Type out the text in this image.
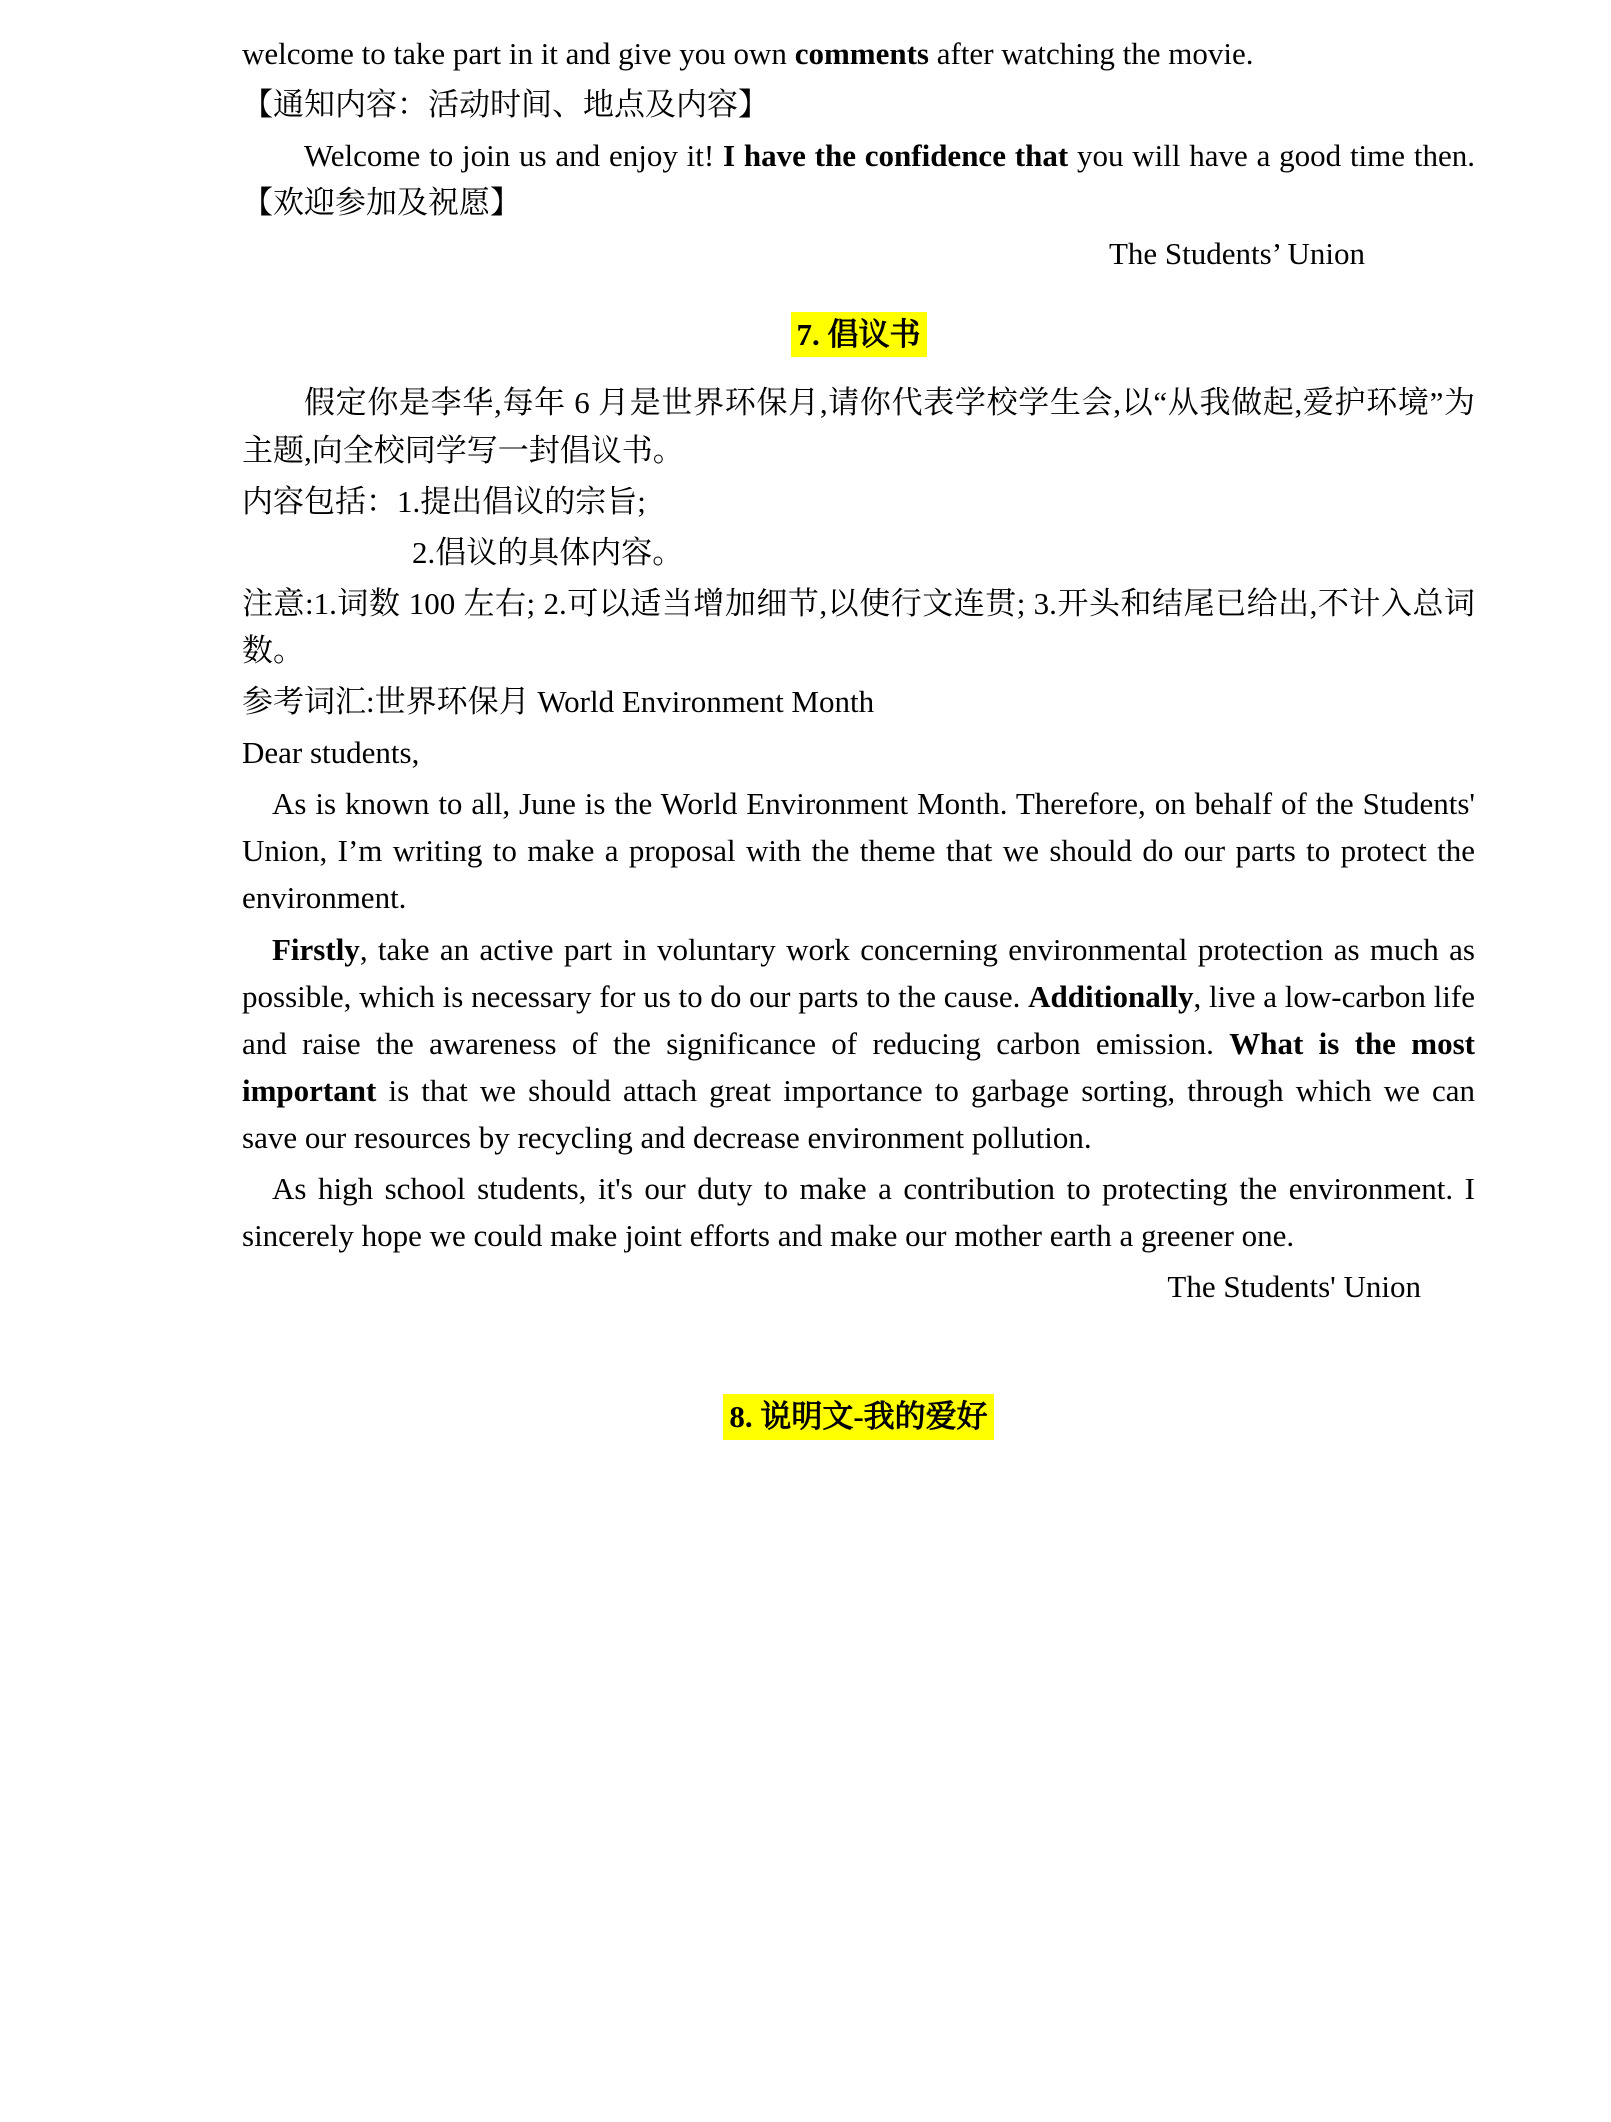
welcome to take part in it and give you own comments after watching the movie.

【通知内容：活动时间、地点及内容】

Welcome to join us and enjoy it! I have the confidence that you will have a good time then. 【欢迎参加及祝愿】

The Students’ Union

7. 倡议书

假定你是李华,每年 6 月是世界环保月,请你代表学校学生会,以“从我做起,爱护环境”为主题,向全校同学写一封倡议书。

内容包括：1.提出倡议的宗旨;

2.倡议的具体内容。

注意:1.词数 100 左右; 2.可以适当增加细节,以使行文连贯; 3.开头和结尾已给出,不计入总词数。

参考词汇:世界环保月 World Environment Month

Dear students,

As is known to all, June is the World Environment Month. Therefore, on behalf of the Students' Union, I’m writing to make a proposal with the theme that we should do our parts to protect the environment.

Firstly, take an active part in voluntary work concerning environmental protection as much as possible, which is necessary for us to do our parts to the cause. Additionally, live a low-carbon life and raise the awareness of the significance of reducing carbon emission. What is the most important is that we should attach great importance to garbage sorting, through which we can save our resources by recycling and decrease environment pollution.

As high school students, it's our duty to make a contribution to protecting the environment. I sincerely hope we could make joint efforts and make our mother earth a greener one.

The Students' Union

8. 说明文-我的爱好
